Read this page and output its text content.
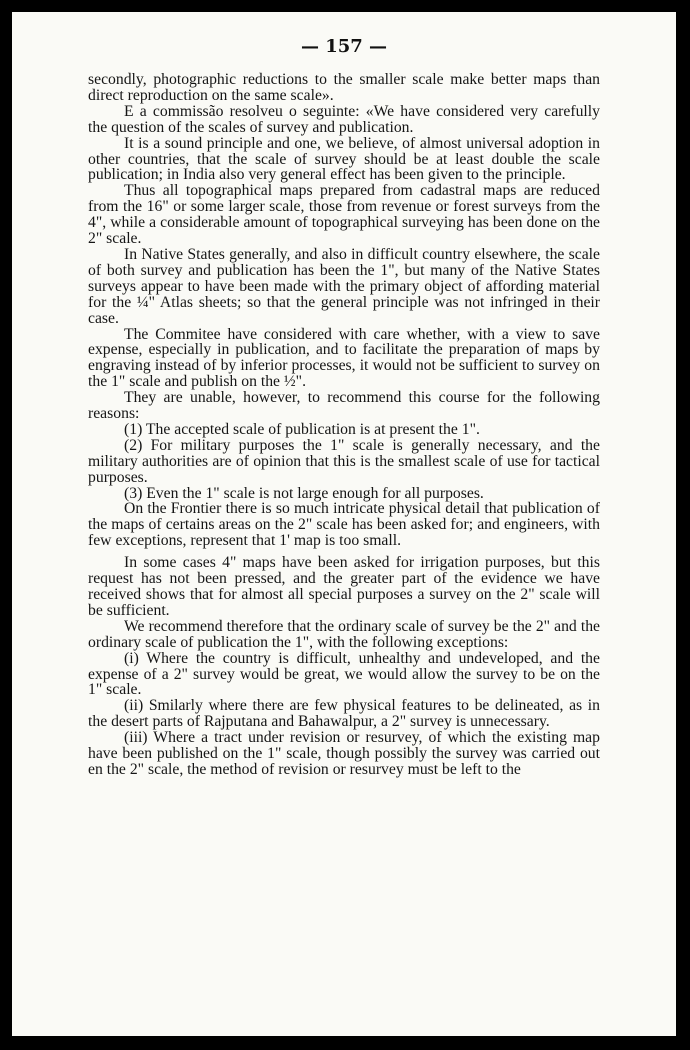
— 157 —

secondly, photographic reductions to the smaller scale make better maps than direct reproduction on the same scale».

E a commissão resolveu o seguinte: «We have considered very carefully the question of the scales of survey and publication.

It is a sound principle and one, we believe, of almost universal adoption in other countries, that the scale of survey should be at least double the scale publication; in India also very general effect has been given to the principle.

Thus all topographical maps prepared from cadastral maps are reduced from the 16" or some larger scale, those from revenue or forest surveys from the 4", while a considerable amount of topographical surveying has been done on the 2" scale.

In Native States generally, and also in difficult country elsewhere, the scale of both survey and publication has been the 1", but many of the Native States surveys appear to have been made with the primary object of affording material for the ¼" Atlas sheets; so that the general principle was not infringed in their case.

The Commitee have considered with care whether, with a view to save expense, especially in publication, and to facilitate the preparation of maps by engraving instead of by inferior processes, it would not be sufficient to survey on the 1" scale and publish on the ½".

They are unable, however, to recommend this course for the following reasons:

(1) The accepted scale of publication is at present the 1".

(2) For military purposes the 1" scale is generally necessary, and the military authorities are of opinion that this is the smallest scale of use for tactical purposes.

(3) Even the 1" scale is not large enough for all purposes.

On the Frontier there is so much intricate physical detail that publication of the maps of certains areas on the 2" scale has been asked for; and engineers, with few exceptions, represent that 1' map is too small.

In some cases 4" maps have been asked for irrigation purposes, but this request has not been pressed, and the greater part of the evidence we have received shows that for almost all special purposes a survey on the 2" scale will be sufficient.

We recommend therefore that the ordinary scale of survey be the 2" and the ordinary scale of publication the 1", with the following exceptions:

(i) Where the country is difficult, unhealthy and undeveloped, and the expense of a 2" survey would be great, we would allow the survey to be on the 1" scale.

(ii) Smilarly where there are few physical features to be delineated, as in the desert parts of Rajputana and Bahawalpur, a 2" survey is unnecessary.

(iii) Where a tract under revision or resurvey, of which the existing map have been published on the 1" scale, though possibly the survey was carried out en the 2" scale, the method of revision or resurvey must be left to the
